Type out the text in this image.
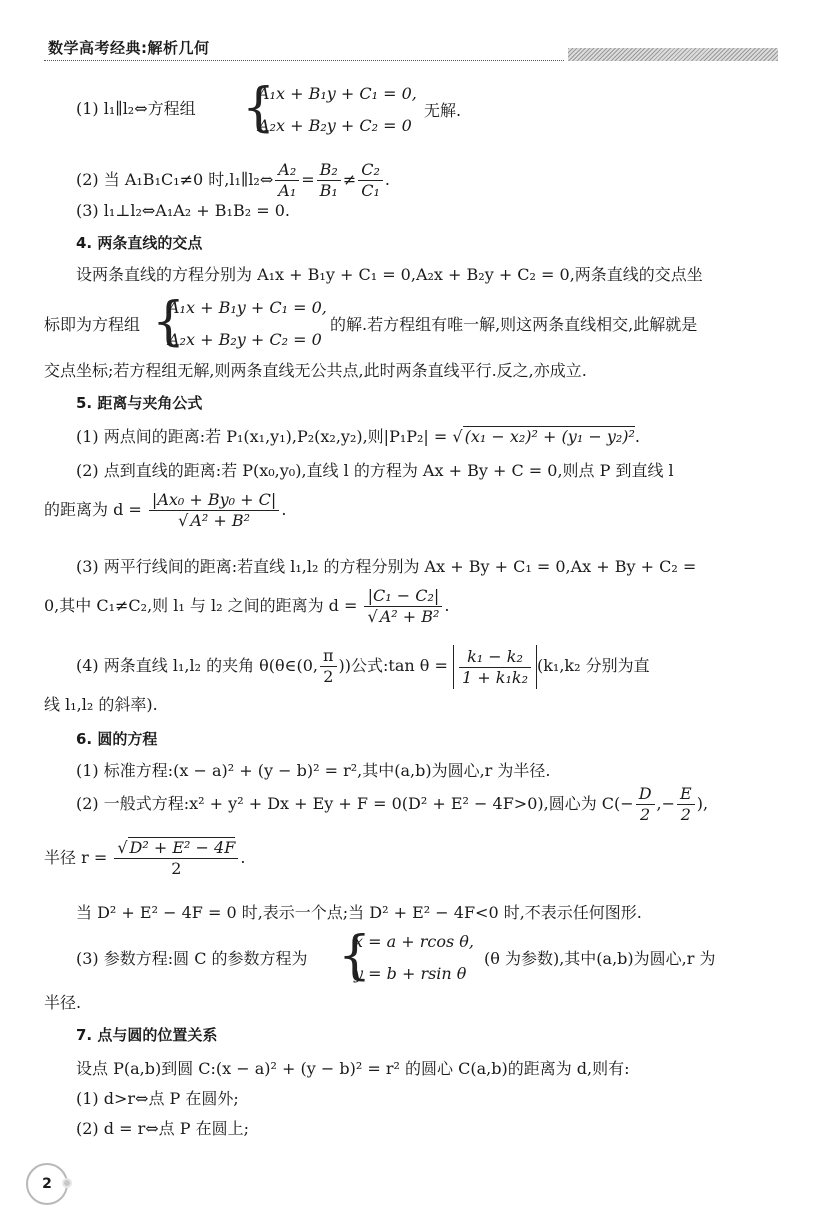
数学高考经典:解析几何
(1) l₁∥l₂⇔方程组 {
A₁x + B₁y + C₁ = 0,
A₂x + B₂y + C₂ = 0
无解.
(2) 当 A₁B₁C₁≠0 时,l₁∥l₂⇔ $\frac{\text{A₂}}{\text{A₁}} = \frac{\text{B₂}}{\text{B₁}} \ne \frac{\text{C₂}}{\text{C₁}}$ .
(3) l₁⊥l₂⇔A₁A₂ + B₁B₂ = 0.
4. 两条直线的交点
设两条直线的方程分别为 A₁x + B₁y + C₁ = 0,A₂x + B₂y + C₂ = 0,两条直线的交点坐
标即为方程组 {
A₁x + B₁y + C₁ = 0,
A₂x + B₂y + C₂ = 0
的解.若方程组有唯一解,则这两条直线相交,此解就是
交点坐标;若方程组无解,则两条直线无公共点,此时两条直线平行.反之,亦成立.
5. 距离与夹角公式
(1) 两点间的距离:若 P₁(x₁,y₁),P₂(x₂,y₂),则|P₁P₂| = √ (x₁ − x₂)² + (y₁ − y₂)².
(2) 点到直线的距离:若 P(x₀,y₀),直线 l 的方程为 Ax + By + C = 0,则点 P 到直线 l
的距离为 $d = \frac{\text{|Ax₀ + By₀ + C|}}{\text{√ A² + B²}}$ .
(3) 两平行线间的距离:若直线 l₁,l₂ 的方程分别为 Ax + By + C₁ = 0,Ax + By + C₂ =
0,其中 C₁≠C₂,则 l₁ 与 l₂ 之间的距离为 $d = \frac{\text{|C₁ − C₂|}}{\text{√ A² + B²}}$ .
(4) 两条直线 l₁,l₂ 的夹角 θ(θ∈(0, $\frac{\pi}{2}$ ))公式:tan $\theta = \frac{\text{k₁ − k₂}}{\text{1 + k₁k₂}} (k_1,k_2$ 分别为直
线 l₁,l₂ 的斜率).
6. 圆的方程
(1) 标准方程:(x − a)² + (y − b)² = r²,其中(a,b)为圆心,r 为半径.
(2) 一般式方程:x² + y² + Dx + Ey + F = 0(D² + E² − 4F>0),圆心为 $C(- \frac{D}{2}$ ,− $\frac{E}{2}$ ),
半径 $r = \frac{\text{√ D² + E² − 4F}}{2}$ .
当 D² + E² − 4F = 0 时,表示一个点;当 D² + E² − 4F<0 时,不表示任何图形.
(3) 参数方程:圆 C 的参数方程为 {
x = a + rcos θ,
y = b + rsin θ
(θ 为参数),其中(a,b)为圆心,r 为
半径.
7. 点与圆的位置关系
设点 P(a,b)到圆 C:(x − a)² + (y − b)² = r² 的圆心 C(a,b)的距离为 d,则有:
(1) d>r⇔点 P 在圆外;
(2) d = r⇔点 P 在圆上;
2
